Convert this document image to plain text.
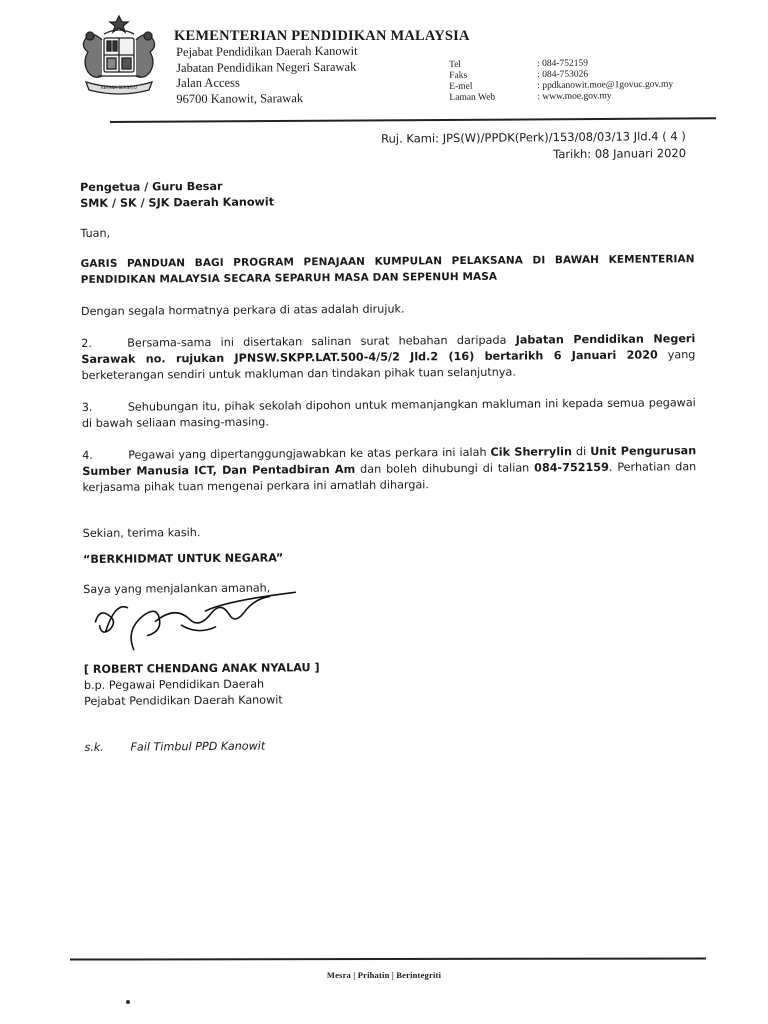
KERANA BERSATU
KEMENTERIAN PENDIDIKAN MALAYSIA
Pejabat Pendidikan Daerah Kanowit
Jabatan Pendidikan Negeri Sarawak
Jalan Access
96700 Kanowit, Sarawak
Tel	: 084-752159
Faks	: 084-753026
E-mel	: ppdkanowit.moe@1govuc.gov.my
Laman Web	: www.moe.gov.my
Ruj. Kami: JPS(W)/PPDK(Perk)/153/08/03/13 Jld.4 ( 4 )
Tarikh: 08 Januari 2020
Pengetua / Guru Besar
SMK / SK / SJK Daerah Kanowit
Tuan,
GARIS PANDUAN BAGI PROGRAM PENAJAAN KUMPULAN PELAKSANA DI BAWAH KEMENTERIAN PENDIDIKAN MALAYSIA SECARA SEPARUH MASA DAN SEPENUH MASA
Dengan segala hormatnya perkara di atas adalah dirujuk.
2.	Bersama-sama ini disertakan salinan surat hebahan daripada Jabatan Pendidikan Negeri Sarawak no. rujukan JPNSW.SKPP.LAT.500-4/5/2 Jld.2 (16) bertarikh 6 Januari 2020 yang berketerangan sendiri untuk makluman dan tindakan pihak tuan selanjutnya.
3.	Sehubungan itu, pihak sekolah dipohon untuk memanjangkan makluman ini kepada semua pegawai di bawah seliaan masing-masing.
4.	Pegawai yang dipertanggungjawabkan ke atas perkara ini ialah Cik Sherrylin di Unit Pengurusan Sumber Manusia ICT, Dan Pentadbiran Am dan boleh dihubungi di talian 084-752159. Perhatian dan kerjasama pihak tuan mengenai perkara ini amatlah dihargai.
Sekian, terima kasih.
“BERKHIDMAT UNTUK NEGARA”
Saya yang menjalankan amanah,
[ ROBERT CHENDANG ANAK NYALAU ]
b.p. Pegawai Pendidikan Daerah
Pejabat Pendidikan Daerah Kanowit
s.k.	Fail Timbul PPD Kanowit
Mesra | Prihatin | Berintegriti
